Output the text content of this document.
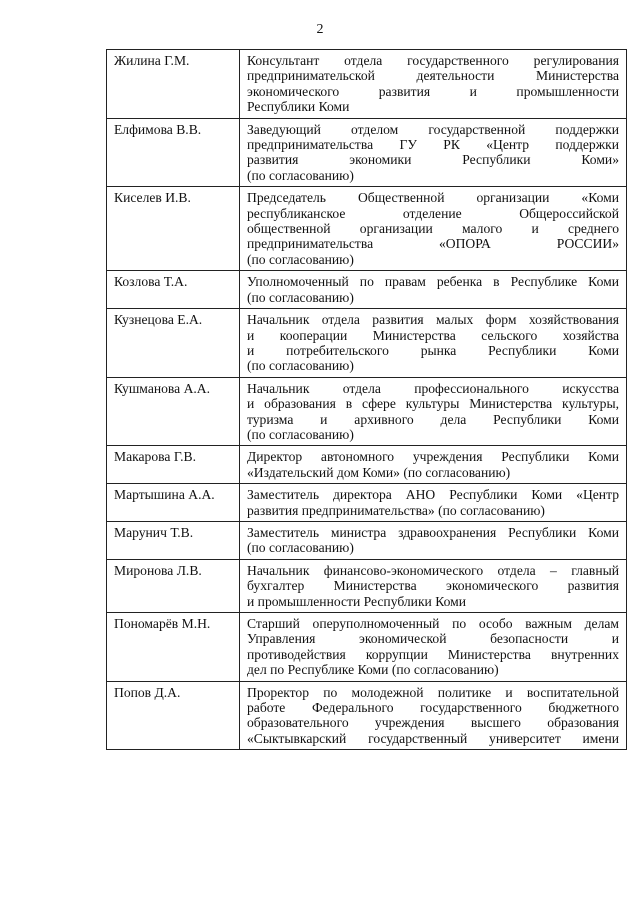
2
Жилина Г.М.	Консультант отдела государственного регулирования
предпринимательской деятельности Министерства
экономического развития и промышленности
Республики Коми

Елфимова В.В.	Заведующий отделом государственной поддержки
предпринимательства ГУ РК «Центр поддержки
развития экономики Республики Коми»
(по согласованию)

Киселев И.В.	Председатель Общественной организации «Коми
республиканское отделение Общероссийской
общественной организации малого и среднего
предпринимательства «ОПОРА РОССИИ»
(по согласованию)

Козлова Т.А.	Уполномоченный по правам ребенка в Республике Коми
(по согласованию)

Кузнецова Е.А.	Начальник отдела развития малых форм хозяйствования
и кооперации Министерства сельского хозяйства
и потребительского рынка Республики Коми
(по согласованию)

Кушманова А.А.	Начальник отдела профессионального искусства
и образования в сфере культуры Министерства культуры,
туризма и архивного дела Республики Коми
(по согласованию)

Макарова Г.В.	Директор автономного учреждения Республики Коми
«Издательский дом Коми» (по согласованию)

Мартышина А.А.	Заместитель директора АНО Республики Коми «Центр
развития предпринимательства» (по согласованию)

Марунич Т.В.	Заместитель министра здравоохранения Республики Коми
(по согласованию)

Миронова Л.В.	Начальник финансово-экономического отдела – главный
бухгалтер Министерства экономического развития
и промышленности Республики Коми

Пономарёв М.Н.	Старший оперуполномоченный по особо важным делам
Управления экономической безопасности и
противодействия коррупции Министерства внутренних
дел по Республике Коми (по согласованию)

Попов Д.А.	Проректор по молодежной политике и воспитательной
работе Федерального государственного бюджетного
образовательного учреждения высшего образования
«Сыктывкарский государственный университет имени
